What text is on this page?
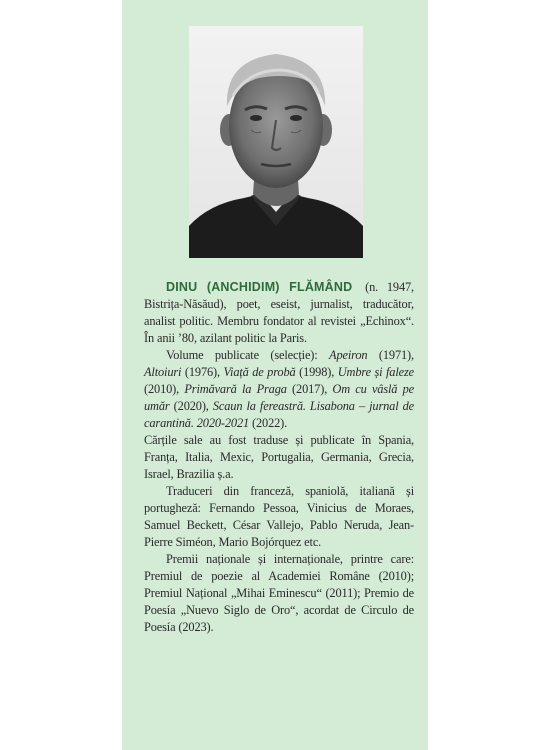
DINU (ANCHIDIM) FLĂMÂND (n. 1947, Bistrița-Năsăud), poet, eseist, jurnalist, traducător, analist politic. Membru fondator al revistei „Echinox“. În anii ’80, azilant politic la Paris.

Volume publicate (selecție): Apeiron (1971), Altoiuri (1976), Viață de probă (1998), Umbre și faleze (2010), Primăvară la Praga (2017), Om cu vâslă pe umăr (2020), Scaun la fereastră. Lisabona – jurnal de carantină. 2020-2021 (2022).

Cărțile sale au fost traduse și publicate în Spania, Franța, Italia, Mexic, Portugalia, Germania, Grecia, Israel, Brazilia ș.a.

Traduceri din franceză, spaniolă, italiană și portugheză: Fernando Pessoa, Vinicius de Moraes, Samuel Beckett, César Vallejo, Pablo Neruda, Jean-Pierre Siméon, Mario Bojórquez etc.

Premii naționale și internaționale, printre care: Premiul de poezie al Academiei Române (2010); Premiul Național „Mihai Eminescu“ (2011); Premio de Poesía „Nuevo Siglo de Oro“, acordat de Circulo de Poesía (2023).
